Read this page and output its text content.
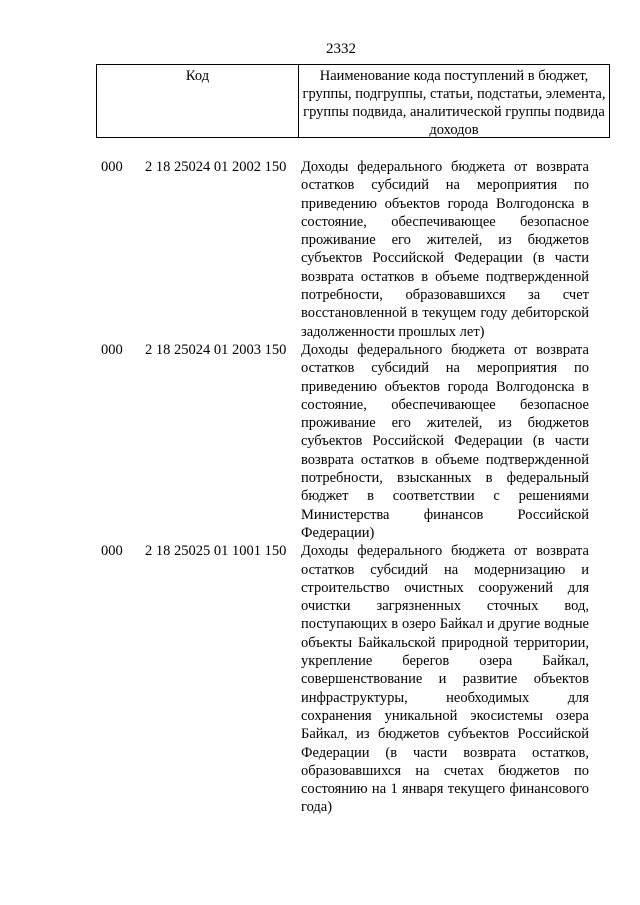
2332
Код	Наименование кода поступлений в бюджет, группы, подгруппы, статьи, подстатьи, элемента, группы подвида, аналитической группы подвида доходов
000 2 18 25024 01 2002 150 Доходы федерального бюджета от возврата остатков субсидий на мероприятия по приведению объектов города Волгодонска в состояние, обеспечивающее безопасное проживание его жителей, из бюджетов субъектов Российской Федерации (в части возврата остатков в объеме подтвержденной потребности, образовавшихся за счет восстановленной в текущем году дебиторской задолженности прошлых лет)
000 2 18 25024 01 2003 150 Доходы федерального бюджета от возврата остатков субсидий на мероприятия по приведению объектов города Волгодонска в состояние, обеспечивающее безопасное проживание его жителей, из бюджетов субъектов Российской Федерации (в части возврата остатков в объеме подтвержденной потребности, взысканных в федеральный бюджет в соответствии с решениями Министерства финансов Российской Федерации)
000 2 18 25025 01 1001 150 Доходы федерального бюджета от возврата остатков субсидий на модернизацию и строительство очистных сооружений для очистки загрязненных сточных вод, поступающих в озеро Байкал и другие водные объекты Байкальской природной территории, укрепление берегов озера Байкал, совершенствование и развитие объектов инфраструктуры, необходимых для сохранения уникальной экосистемы озера Байкал, из бюджетов субъектов Российской Федерации (в части возврата остатков, образовавшихся на счетах бюджетов по состоянию на 1 января текущего финансового года)
